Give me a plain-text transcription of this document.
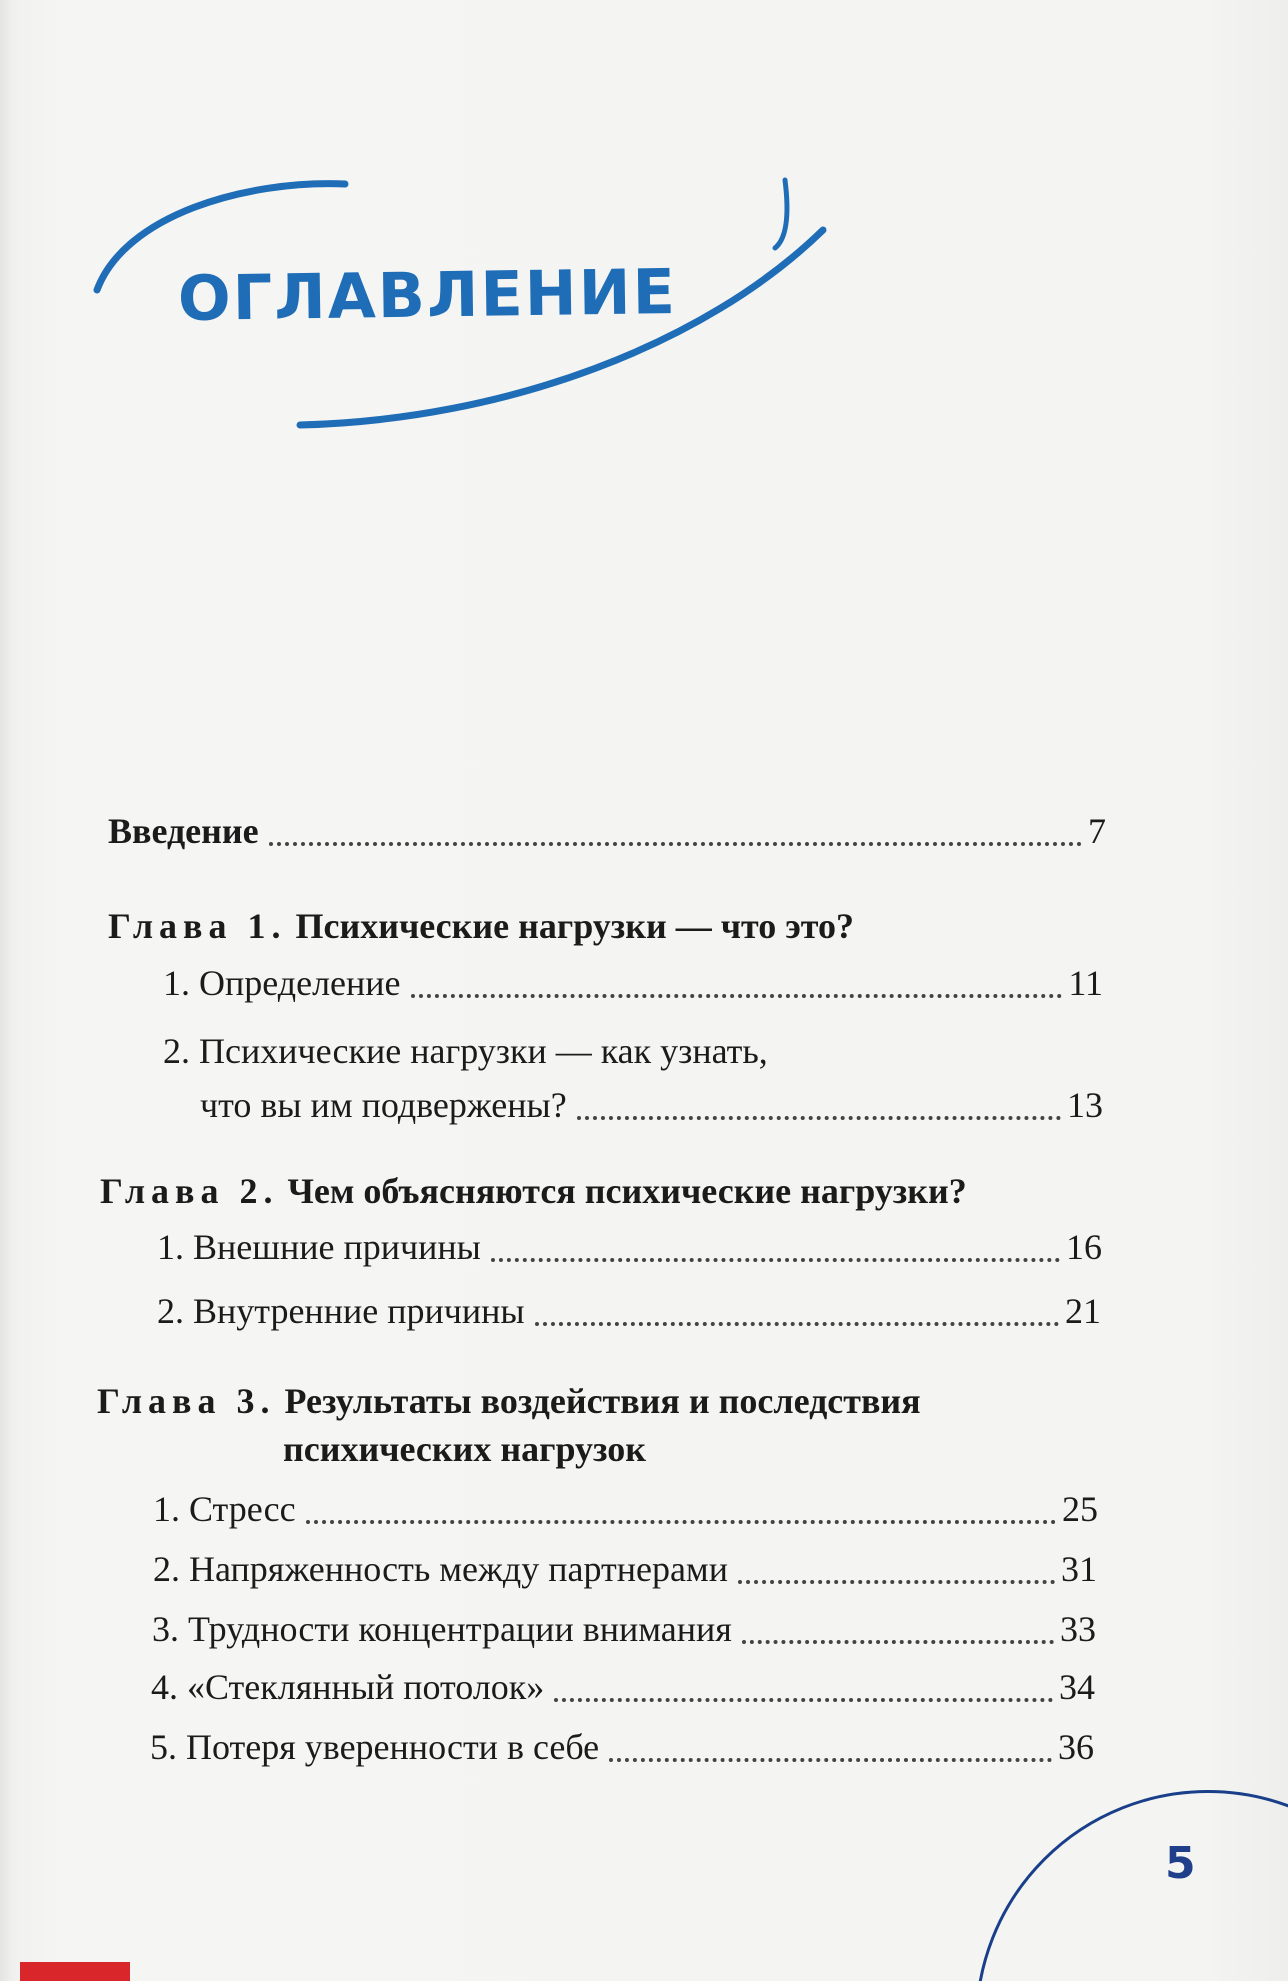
ОГЛАВЛЕНИЕ
Введение	7
Глава 1. Психические нагрузки — что это?
1. Определение	11
2. Психические нагрузки — как узнать,
что вы им подвержены?	13
Глава 2. Чем объясняются психические нагрузки?
1. Внешние причины	16
2. Внутренние причины	21
Глава 3. Результаты воздействия и последствия
психических нагрузок
1. Стресс	25
2. Напряженность между партнерами	31
3. Трудности концентрации внимания	33
4. «Стеклянный потолок»	34
5. Потеря уверенности в себе	36
5
